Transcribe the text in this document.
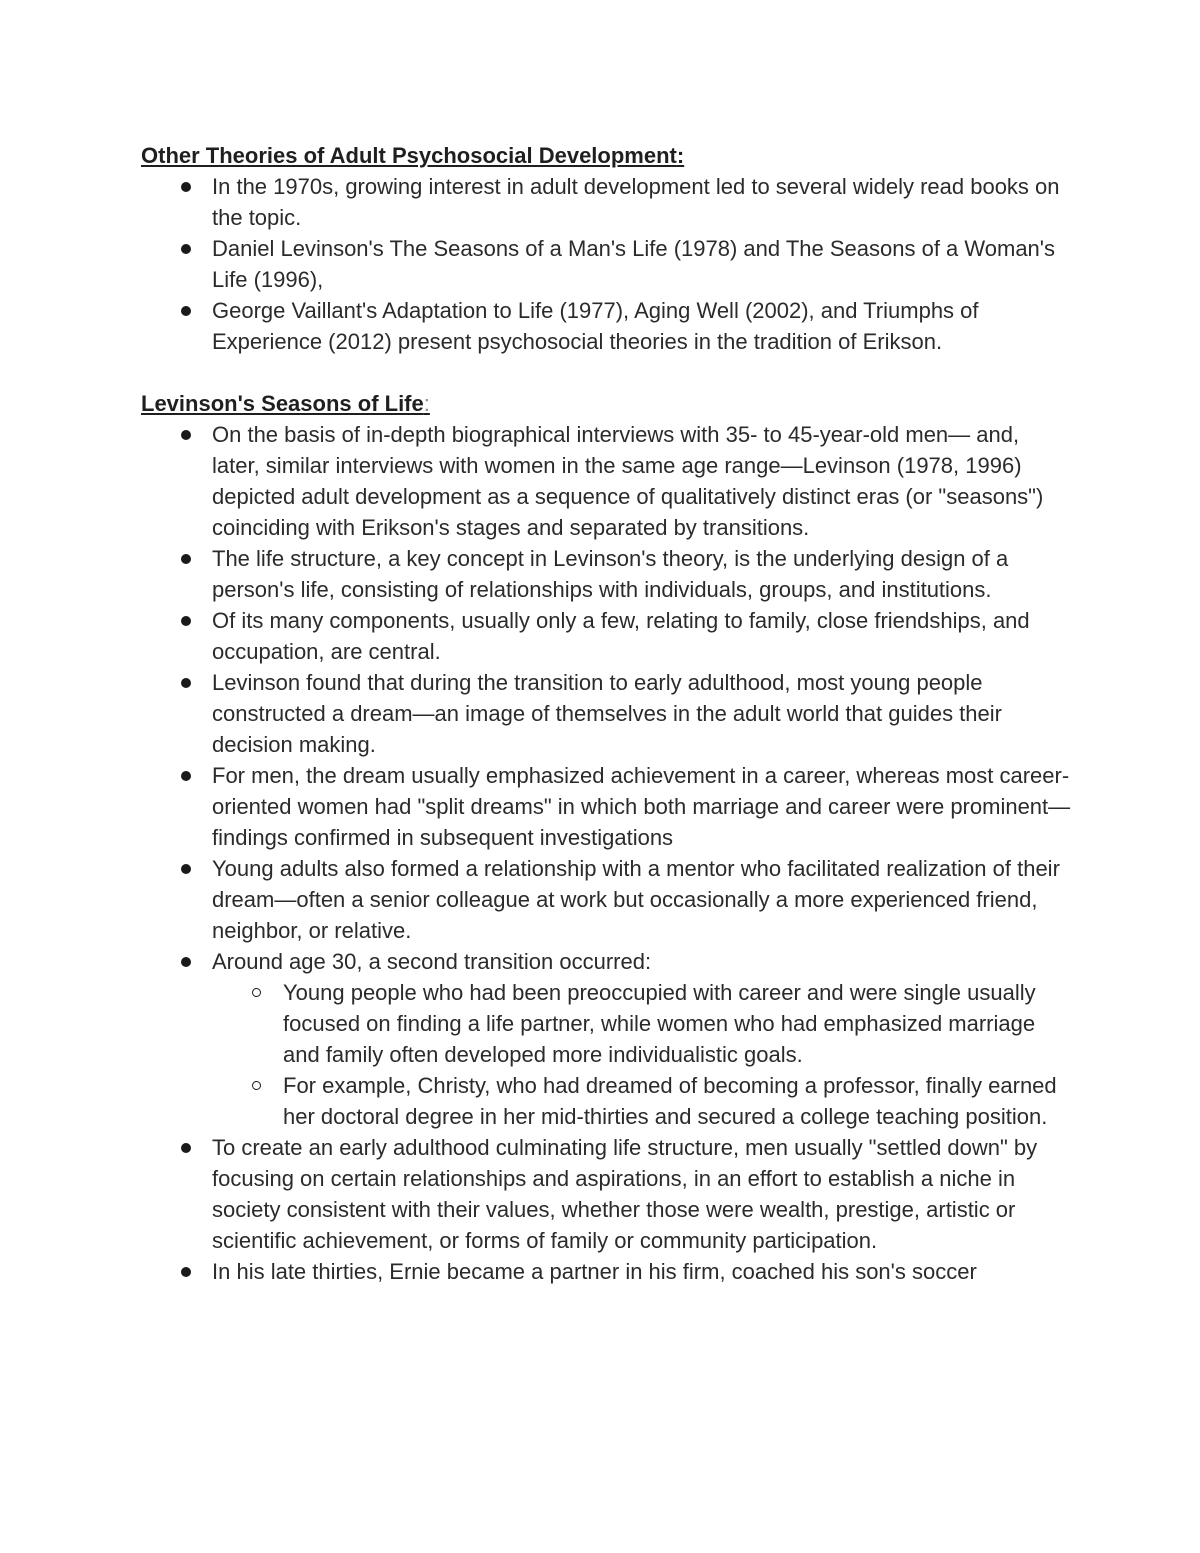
Other Theories of Adult Psychosocial Development:
In the 1970s, growing interest in adult development led to several widely read books on the topic.
Daniel Levinson's The Seasons of a Man's Life (1978) and The Seasons of a Woman's Life (1996),
George Vaillant's Adaptation to Life (1977), Aging Well (2002), and Triumphs of Experience (2012) present psychosocial theories in the tradition of Erikson.
Levinson's Seasons of Life:
On the basis of in-depth biographical interviews with 35- to 45-year-old men— and, later, similar interviews with women in the same age range—Levinson (1978, 1996) depicted adult development as a sequence of qualitatively distinct eras (or "seasons") coinciding with Erikson's stages and separated by transitions.
The life structure, a key concept in Levinson's theory, is the underlying design of a person's life, consisting of relationships with individuals, groups, and institutions.
Of its many components, usually only a few, relating to family, close friendships, and occupation, are central.
Levinson found that during the transition to early adulthood, most young people constructed a dream—an image of themselves in the adult world that guides their decision making.
For men, the dream usually emphasized achievement in a career, whereas most career-oriented women had "split dreams" in which both marriage and career were prominent—findings confirmed in subsequent investigations
Young adults also formed a relationship with a mentor who facilitated realization of their dream—often a senior colleague at work but occasionally a more experienced friend, neighbor, or relative.
Around age 30, a second transition occurred:
Young people who had been preoccupied with career and were single usually focused on finding a life partner, while women who had emphasized marriage and family often developed more individualistic goals.
For example, Christy, who had dreamed of becoming a professor, finally earned her doctoral degree in her mid-thirties and secured a college teaching position.
To create an early adulthood culminating life structure, men usually "settled down" by focusing on certain relationships and aspirations, in an effort to establish a niche in society consistent with their values, whether those were wealth, prestige, artistic or scientific achievement, or forms of family or community participation.
In his late thirties, Ernie became a partner in his firm, coached his son's soccer
